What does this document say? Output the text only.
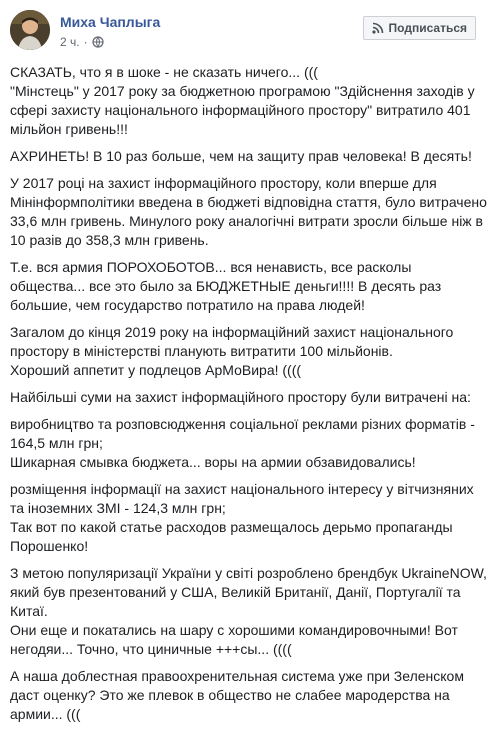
Миха Чаплыга
2 ч. ·
Подписаться

СКАЗАТЬ, что я в шоке - не сказать ничего... (((
"Мінстець" у 2017 року за бюджетною програмою "Здійснення заходів у сфері захисту національного інформаційного простору" витратило 401 мільйон гривень!!!

АХРИНЕТЬ! В 10 раз больше, чем на защиту прав человека! В десять!

У 2017 році на захист інформаційного простору, коли вперше для Мінінформполітики введена в бюджеті відповідна стаття, було витрачено 33,6 млн гривень. Минулого року аналогічні витрати зросли більше ніж в 10 разів до 358,3 млн гривень.

Т.е. вся армия ПОРОХОБОТОВ... вся ненависть, все расколы общества... все это было за БЮДЖЕТНЫЕ деньги!!!! В десять раз большие, чем государство потратило на права людей!

Загалом до кінця 2019 року на інформаційний захист національного простору в міністерстві планують витратити 100 мільйонів.
Хороший аппетит у подлецов АрМоВира! ((((

Найбільші суми на захист інформаційного простору були витрачені на:

виробництво та розповсюдження соціальної реклами різних форматів - 164,5 млн грн;
Шикарная смывка бюджета... воры на армии обзавидовались!

розміщення інформації на захист національного інтересу у вітчизняних та іноземних ЗМІ - 124,3 млн грн;
Так вот по какой статье расходов размещалось дерьмо пропаганды Порошенко!

З метою популяризації України у світі розроблено брендбук UkraineNOW, який був презентований у США, Великій Британії, Данії, Португалії та Китаї.
Они еще и покатались на шару с хорошими командировочными! Вот негодяи... Точно, что циничные +++сы... ((((

А наша доблестная правоохренительная система уже при Зеленском даст оценку? Это же плевок в общество не слабее мародерства на армии... (((
